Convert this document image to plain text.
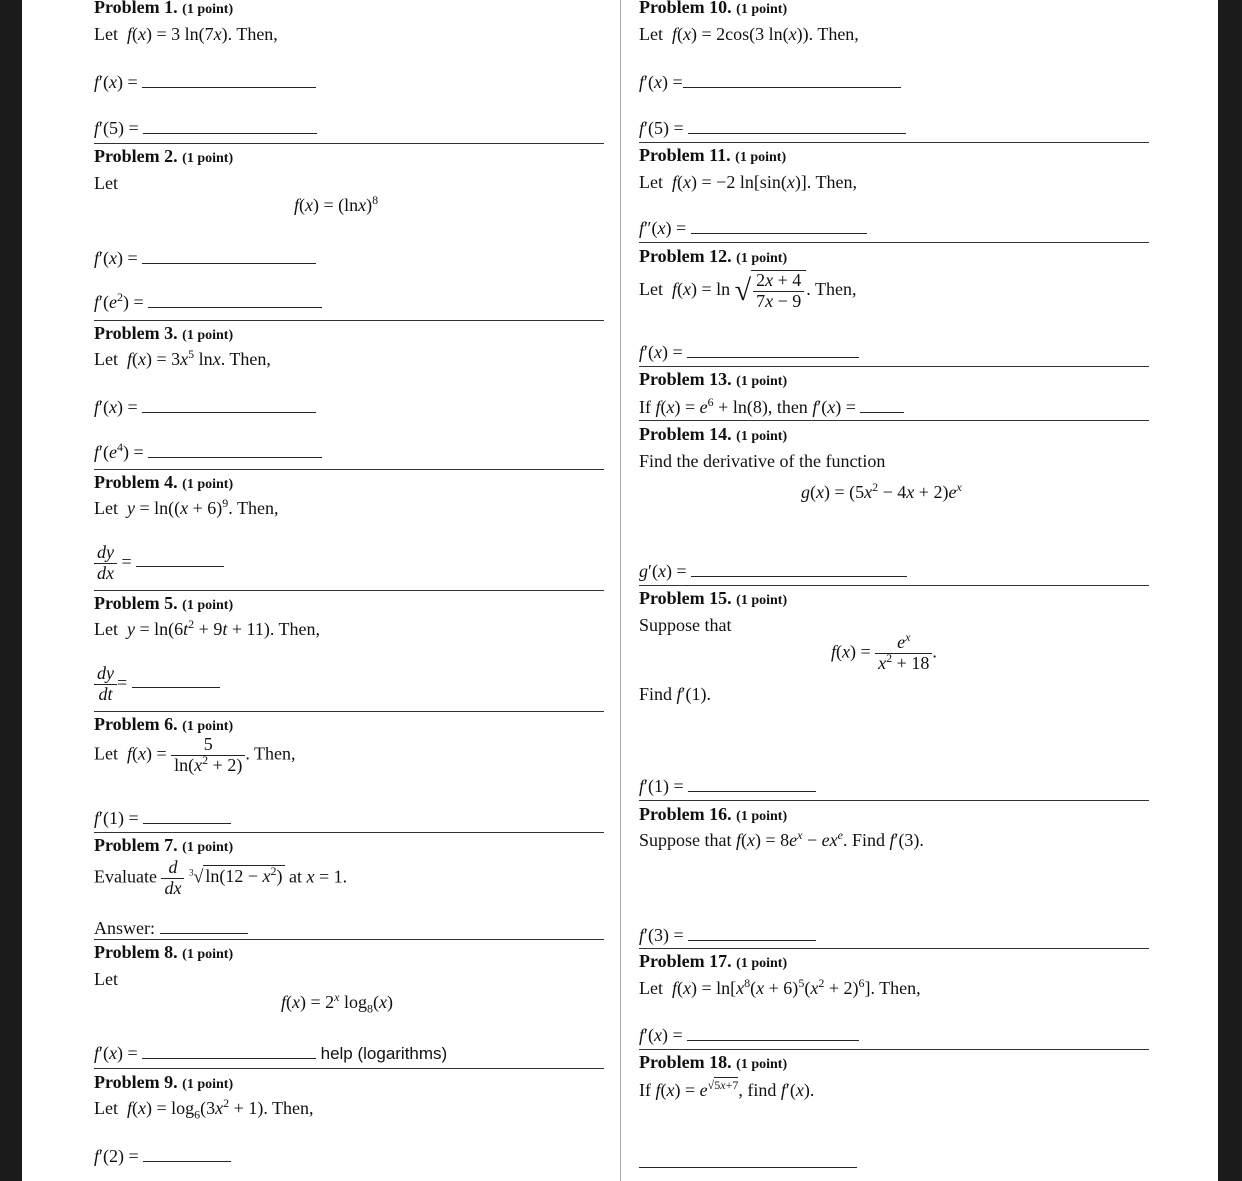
Problem 1. (1 point)
Let  f(x) = 3 ln(7x). Then,
f′(x) =
f′(5) =
Problem 2. (1 point)
Let
$f(x) = (\ln x)^8$
f′(x) =
$f'(e^2)$ =
Problem 3. (1 point)
Let  $f(x) = 3x^5$ lnx. Then,
f′(x) =
$f'(e^4)$ =
Problem 4. (1 point)
Let  $y = \ln((x + 6)^9$. Then,
$\frac{dy}{dx}$ =
Problem 5. (1 point)
Let  $y = \ln(6t^2 + 9t + 11)$. Then,
$\frac{dy}{dt}$ =
Problem 6. (1 point)
Let  $f(x) = \frac{5}{\ln(x^2 + 2)}$ . Then,
f′(1) =
Problem 7. (1 point)
Evaluate $\frac{d}{dx} ^3√$ $\ln(12 - x^2)$ at x = 1.
Answer:
Problem 8. (1 point)
Let
$f(x) = 2^x$ $\log_8(x)$
f′(x) =	help (logarithms)
Problem 9. (1 point)
Let  $f(x) = \log_6(3x^2 + 1)$. Then,
f′(2) =
Problem 10. (1 point)
Let  f(x) = 2cos(3 ln(x)). Then,
f′(x) =
f′(5) =
Problem 11. (1 point)
Let  f(x) = −2 ln[sin(x)]. Then,
f″(x) =
Problem 12. (1 point)
Let  f(x) = ln √ $\frac{2x + 4}{7x - 9}$ . Then,
f′(x) =
Problem 13. (1 point)
If $f(x) = e^6 + \ln(8)$, then f′(x) =
Problem 14. (1 point)
Find the derivative of the function
$g(x) = (5x^2 - 4x + 2)e^x$
g′(x) =
Problem 15. (1 point)
Suppose that
$f(x) = \frac{e^x}{x^2 + 18}$ .
Find f′(1).
f′(1) =
Problem 16. (1 point)
Suppose that $f(x) = 8e^x - ex^e$. Find f′(3).
f′(3) =
Problem 17. (1 point)
Let  $f(x) = \ln[x^8(x + 6)^5(x^2 + 2)^6]$. Then,
f′(x) =
Problem 18. (1 point)
If $f(x) = e^{√5x+7}$, find f′(x).
